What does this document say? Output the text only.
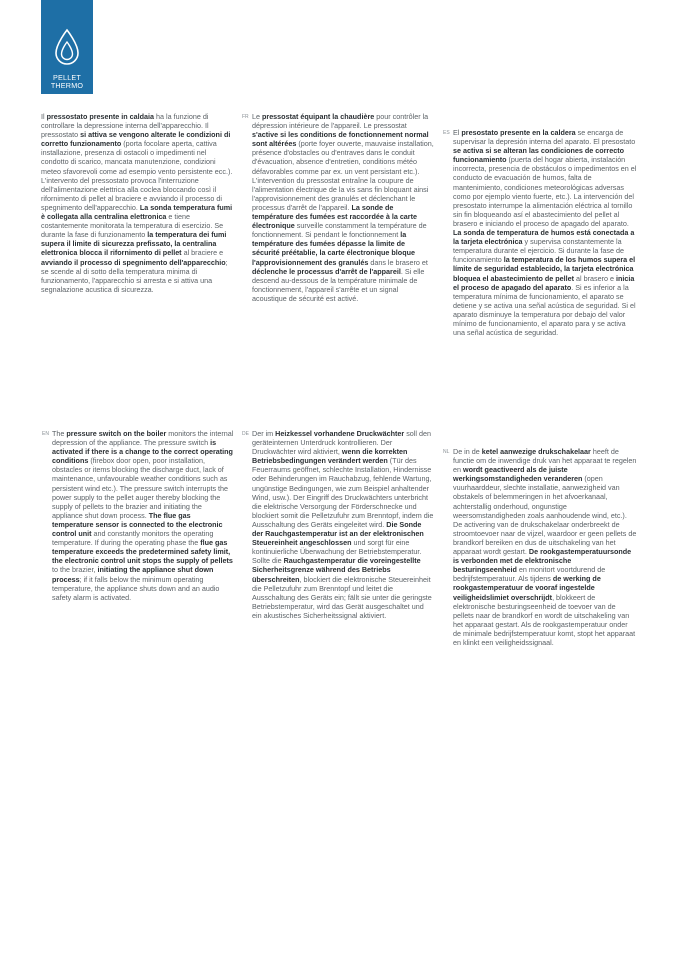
PELLET
THERMO
Il pressostato presente in caldaia ha la funzione di controllare la depressione interna dell'apparecchio. Il pressostato si attiva se vengono alterate le condizioni di corretto funzionamento (porta focolare aperta, cattiva installazione, presenza di ostacoli o impedimenti nel condotto di scarico, mancata manutenzione, condizioni meteo sfavorevoli come ad esempio vento persistente ecc.). L'intervento del pressostato provoca l'interruzione dell'alimentazione elettrica alla coclea bloccando così il rifornimento di pellet al braciere e avviando il processo di spegnimento dell'apparecchio. La sonda temperatura fumi è collegata alla centralina elettronica e tiene costantemente monitorata la temperatura di esercizio. Se durante la fase di funzionamento la temperatura dei fumi supera il limite di sicurezza prefissato, la centralina elettronica blocca il rifornimento di pellet al braciere e avviando il processo di spegnimento dell'apparecchio; se scende al di sotto della temperatura minima di funzionamento, l'apparecchio si arresta e si attiva una segnalazione acustica di sicurezza.
FR Le pressostat équipant la chaudière pour contrôler la dépression intérieure de l'appareil. Le pressostat s'active si les conditions de fonctionnement normal sont altérées (porte foyer ouverte, mauvaise installation, présence d'obstacles ou d'entraves dans le conduit d'évacuation, absence d'entretien, conditions météo défavorables comme par ex. un vent persistant etc.). L'intervention du pressostat entraîne la coupure de l'alimentation électrique de la vis sans fin bloquant ainsi l'approvisionnement des granulés et déclenchant le processus d'arrêt de l'appareil. La sonde de température des fumées est raccordée à la carte électronique surveille constamment la température de fonctionnement. Si pendant le fonctionnement la température des fumées dépasse la limite de sécurité préétablie, la carte électronique bloque l'approvisionnement des granulés dans le brasero et déclenche le processus d'arrêt de l'appareil. Si elle descend au-dessous de la température minimale de fonctionnement, l'appareil s'arrête et un signal acoustique de sécurité est activé.
ES El presostato presente en la caldera se encarga de supervisar la depresión interna del aparato. El presostato se activa si se alteran las condiciones de correcto funcionamiento (puerta del hogar abierta, instalación incorrecta, presencia de obstáculos o impedimentos en el conducto de evacuación de humos, falta de mantenimiento, condiciones meteorológicas adversas como por ejemplo viento fuerte, etc.). La intervención del presostato interrumpe la alimentación eléctrica al tornillo sin fin bloqueando así el abastecimiento del pellet al brasero e iniciando el proceso de apagado del aparato. La sonda de temperatura de humos está conectada a la tarjeta electrónica y supervisa constantemente la temperatura durante el ejercicio. Si durante la fase de funcionamiento la temperatura de los humos supera el límite de seguridad establecido, la tarjeta electrónica bloquea el abastecimiento de pellet al brasero e inicia el proceso de apagado del aparato. Si es inferior a la temperatura mínima de funcionamiento, el aparato se detiene y se activa una señal acústica de seguridad. Si el aparato disminuye la temperatura por debajo del valor mínimo de funcionamiento, el aparato para y se activa una señal acústica de seguridad.
EN The pressure switch on the boiler monitors the internal depression of the appliance. The pressure switch is activated if there is a change to the correct operating conditions (firebox door open, poor installation, obstacles or items blocking the discharge duct, lack of maintenance, unfavourable weather conditions such as persistent wind etc.). The pressure switch interrupts the power supply to the pellet auger thereby blocking the supply of pellets to the brazier and initiating the appliance shut down process. The flue gas temperature sensor is connected to the electronic control unit and constantly monitors the operating temperature. If during the operating phase the flue gas temperature exceeds the predetermined safety limit, the electronic control unit stops the supply of pellets to the brazier, initiating the appliance shut down process; if it falls below the minimum operating temperature, the appliance shuts down and an audio safety alarm is activated.
DE Der im Heizkessel vorhandene Druckwächter soll den geräteinternen Unterdruck kontrollieren. Der Druckwächter wird aktiviert, wenn die korrekten Betriebsbedingungen verändert werden (Tür des Feuerraums geöffnet, schlechte Installation, Hindernisse oder Behinderungen im Rauchabzug, fehlende Wartung, ungünstige Bedingungen, wie zum Beispiel anhaltender Wind, usw.). Der Eingriff des Druckwächters unterbricht die elektrische Versorgung der Förderschnecke und blockiert somit die Pelletzufuhr zum Brenntopf, indem die Ausschaltung des Geräts eingeleitet wird. Die Sonde der Rauchgastemperatur ist an der elektronischen Steuereinheit angeschlossen und sorgt für eine kontinuierliche Überwachung der Betriebstemperatur. Sollte die Rauchgastemperatur die voreingestellte Sicherheitsgrenze während des Betriebs überschreiten, blockiert die elektronische Steuereinheit die Pelletzufuhr zum Brenntopf und leitet die Ausschaltung des Geräts ein; fällt sie unter die geringste Betriebstemperatur, wird das Gerät ausgeschaltet und ein akustisches Sicherheitssignal aktiviert.
NL De in de ketel aanwezige drukschakelaar heeft de functie om de inwendige druk van het apparaat te regelen en wordt geactiveerd als de juiste werkingsomstandigheden veranderen (open vuurhaarddeur, slechte installatie, aanwezigheid van obstakels of belemmeringen in het afvoerkanaal, achterstallig onderhoud, ongunstige weersomstandigheden zoals aanhoudende wind, etc.). De activering van de drukschakelaar onderbreekt de stroomtoevoer naar de vijzel, waardoor er geen pellets de brandkorf bereiken en dus de uitschakeling van het apparaat wordt gestart. De rookgastemperatuursonde is verbonden met de elektronische besturingseenheid en monitort voortdurend de bedrijfstemperatuur. Als tijdens de werking de rookgastemperatuur de vooraf ingestelde veiligheidslimiet overschrijdt, blokkeert de elektronische besturingseenheid de toevoer van de pellets naar de brandkorf en wordt de uitschakeling van het apparaat gestart. Als de rookgastemperatuur onder de minimale bedrijfstemperatuur komt, stopt het apparaat en klinkt een veiligheidssignaal.
